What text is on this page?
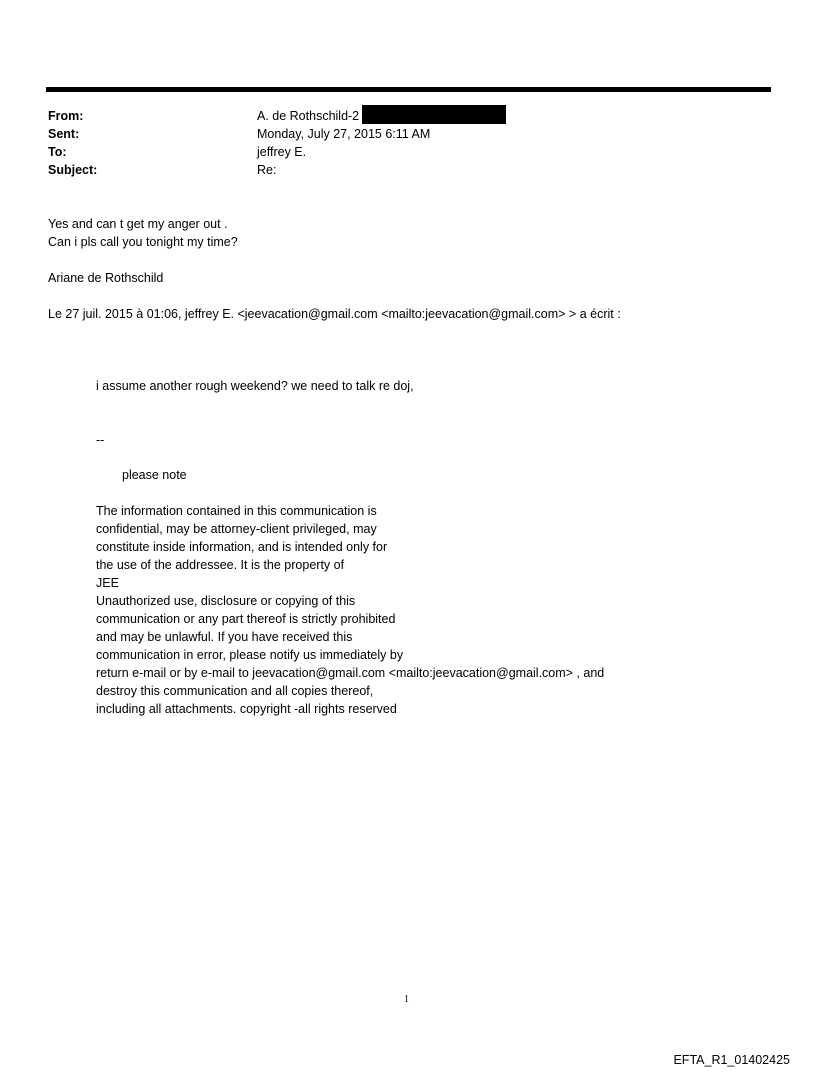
From:	A. de Rothschild-2
Sent:	Monday, July 27, 2015 6:11 AM
To:	jeffrey E.
Subject:	Re:
Yes and can t get my anger out .
Can i pls call you tonight my time?
Ariane de Rothschild
Le 27 juil. 2015 à 01:06, jeffrey E. <jeevacation@gmail.com <mailto:jeevacation@gmail.com> > a écrit :
i assume another rough weekend? we need to talk re doj,
--
please note
The information contained in this communication is
confidential, may be attorney-client privileged, may
constitute inside information, and is intended only for
the use of the addressee. It is the property of
JEE
Unauthorized use, disclosure or copying of this
communication or any part thereof is strictly prohibited
and may be unlawful. If you have received this
communication in error, please notify us immediately by
return e-mail or by e-mail to jeevacation@gmail.com <mailto:jeevacation@gmail.com> , and
destroy this communication and all copies thereof,
including all attachments. copyright -all rights reserved
1
EFTA_R1_01402425
